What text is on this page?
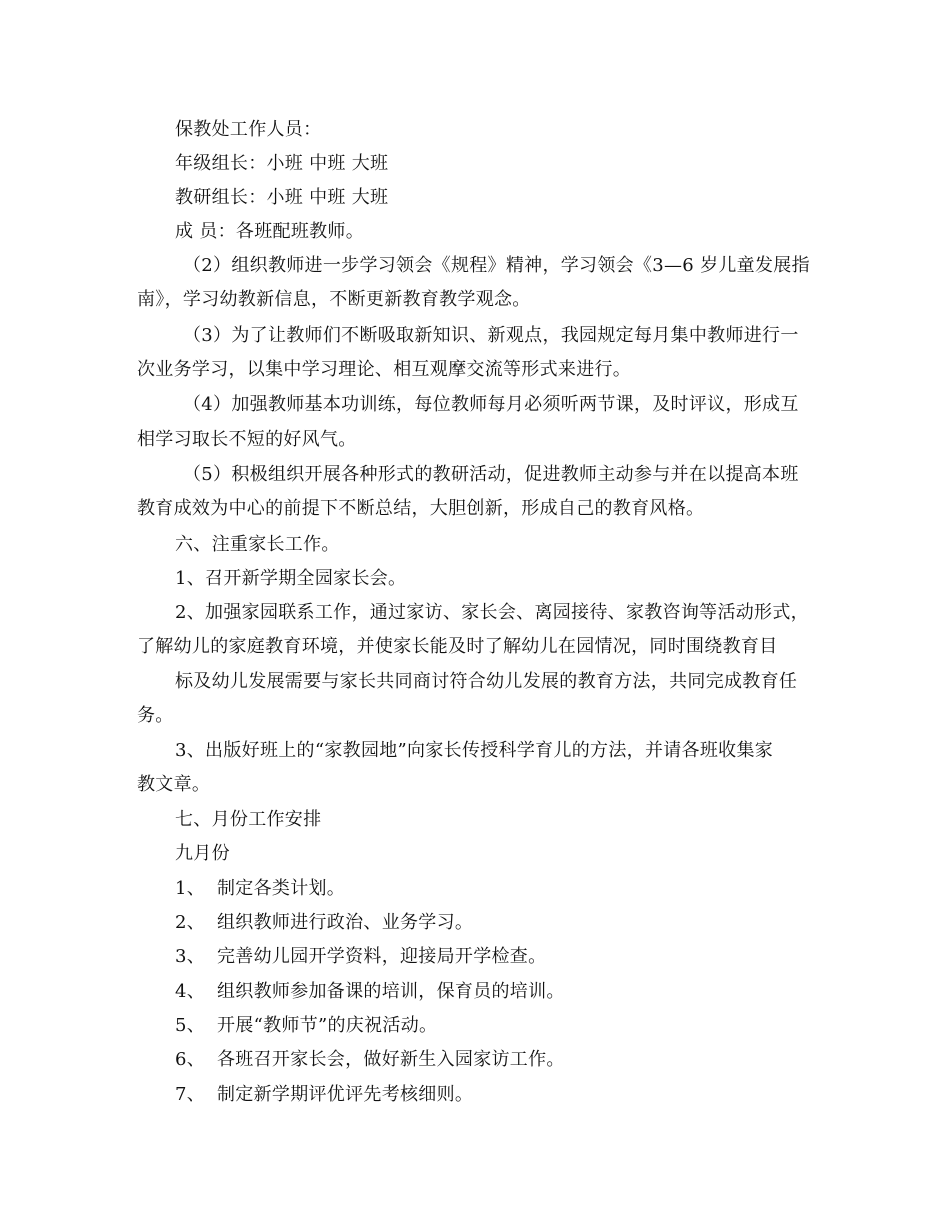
保教处工作人员：
年级组长：小班 中班 大班
教研组长：小班 中班 大班
成 员：各班配班教师。
（2）组织教师进一步学习领会《规程》精神，学习领会《3—6 岁儿童发展指
南》，学习幼教新信息，不断更新教育教学观念。
（3）为了让教师们不断吸取新知识、新观点，我园规定每月集中教师进行一
次业务学习，以集中学习理论、相互观摩交流等形式来进行。
（4）加强教师基本功训练，每位教师每月必须听两节课，及时评议，形成互
相学习取长不短的好风气。
（5）积极组织开展各种形式的教研活动，促进教师主动参与并在以提高本班
教育成效为中心的前提下不断总结，大胆创新，形成自己的教育风格。
六、注重家长工作。
1、召开新学期全园家长会。
2、加强家园联系工作，通过家访、家长会、离园接待、家教咨询等活动形式，
了解幼儿的家庭教育环境，并使家长能及时了解幼儿在园情况，同时围绕教育目
标及幼儿发展需要与家长共同商讨符合幼儿发展的教育方法，共同完成教育任
务。
3、出版好班上的“家教园地”向家长传授科学育儿的方法，并请各班收集家
教文章。
七、月份工作安排
九月份
1、 制定各类计划。
2、 组织教师进行政治、业务学习。
3、 完善幼儿园开学资料，迎接局开学检查。
4、 组织教师参加备课的培训，保育员的培训。
5、 开展“教师节”的庆祝活动。
6、 各班召开家长会，做好新生入园家访工作。
7、 制定新学期评优评先考核细则。
